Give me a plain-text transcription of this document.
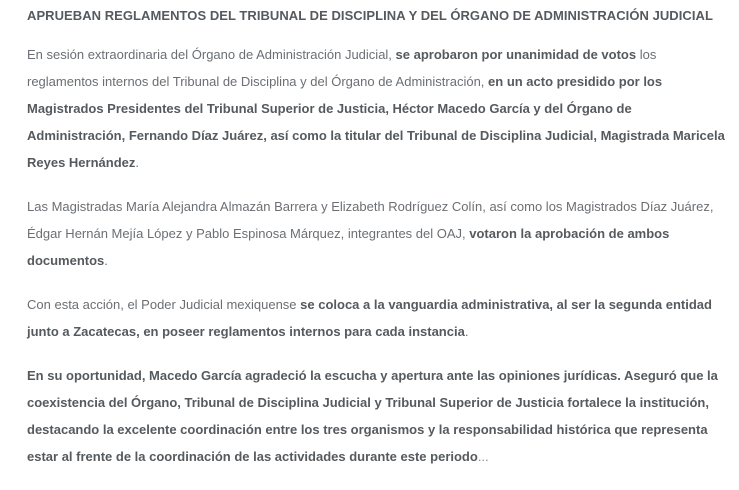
APRUEBAN REGLAMENTOS DEL TRIBUNAL DE DISCIPLINA Y DEL ÓRGANO DE ADMINISTRACIÓN JUDICIAL

En sesión extraordinaria del Órgano de Administración Judicial, se aprobaron por unanimidad de votos los reglamentos internos del Tribunal de Disciplina y del Órgano de Administración, en un acto presidido por los Magistrados Presidentes del Tribunal Superior de Justicia, Héctor Macedo García y del Órgano de Administración, Fernando Díaz Juárez, así como la titular del Tribunal de Disciplina Judicial, Magistrada Maricela Reyes Hernández.

Las Magistradas María Alejandra Almazán Barrera y Elizabeth Rodríguez Colín, así como los Magistrados Díaz Juárez, Édgar Hernán Mejía López y Pablo Espinosa Márquez, integrantes del OAJ, votaron la aprobación de ambos documentos.

Con esta acción, el Poder Judicial mexiquense se coloca a la vanguardia administrativa, al ser la segunda entidad junto a Zacatecas, en poseer reglamentos internos para cada instancia.

En su oportunidad, Macedo García agradeció la escucha y apertura ante las opiniones jurídicas. Aseguró que la coexistencia del Órgano, Tribunal de Disciplina Judicial y Tribunal Superior de Justicia fortalece la institución, destacando la excelente coordinación entre los tres organismos y la responsabilidad histórica que representa estar al frente de la coordinación de las actividades durante este periodo...
